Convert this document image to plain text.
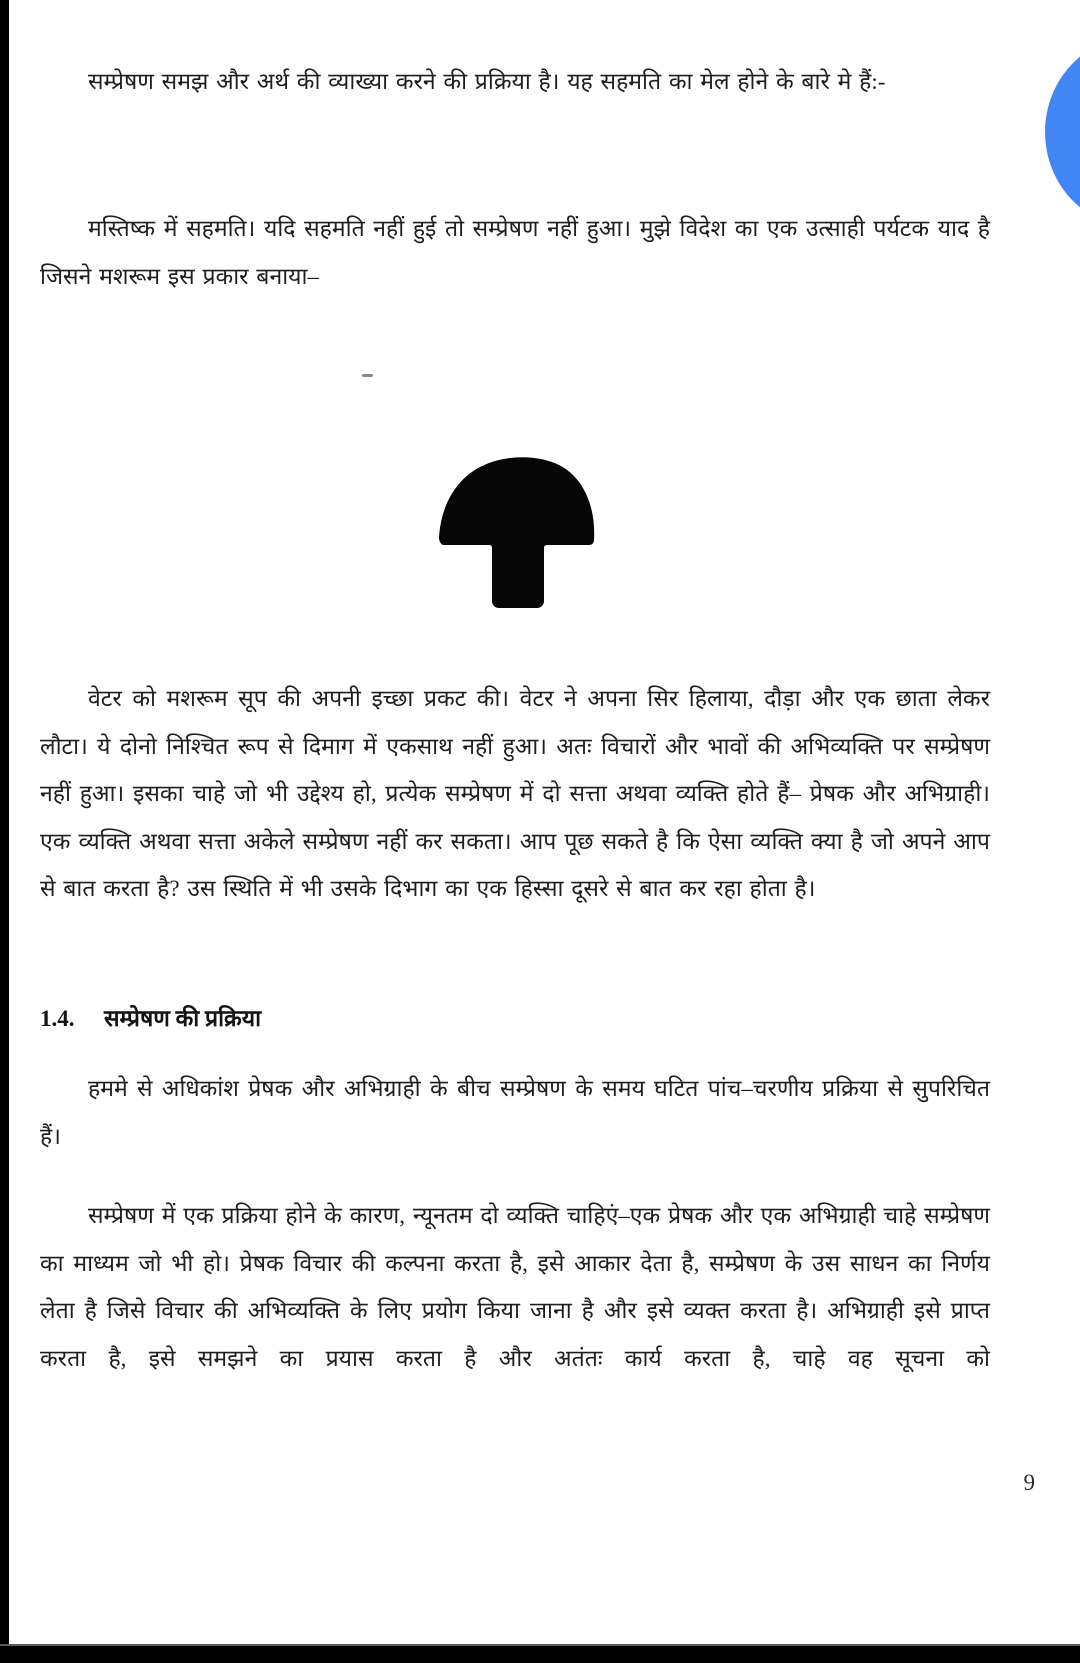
सम्प्रेषण समझ और अर्थ की व्याख्या करने की प्रक्रिया है। यह सहमति का मेल होने के बारे मे हैं:-

मस्तिष्क में सहमति। यदि सहमति नहीं हुई तो सम्प्रेषण नहीं हुआ। मुझे विदेश का एक उत्साही पर्यटक याद है जिसने मशरूम इस प्रकार बनाया–

वेटर को मशरूम सूप की अपनी इच्छा प्रकट की। वेटर ने अपना सिर हिलाया, दौड़ा और एक छाता लेकर लौटा। ये दोनो निश्चित रूप से दिमाग में एकसाथ नहीं हुआ। अतः विचारों और भावों की अभिव्यक्ति पर सम्प्रेषण नहीं हुआ। इसका चाहे जो भी उद्देश्य हो, प्रत्येक सम्प्रेषण में दो सत्ता अथवा व्यक्ति होते हैं– प्रेषक और अभिग्राही। एक व्यक्ति अथवा सत्ता अकेले सम्प्रेषण नहीं कर सकता। आप पूछ सकते है कि ऐसा व्यक्ति क्या है जो अपने आप से बात करता है? उस स्थिति में भी उसके दिभाग का एक हिस्सा दूसरे से बात कर रहा होता है।

1.4. सम्प्रेषण की प्रक्रिया

हममे से अधिकांश प्रेषक और अभिग्राही के बीच सम्प्रेषण के समय घटित पांच–चरणीय प्रक्रिया से सुपरिचित हैं।

सम्प्रेषण में एक प्रक्रिया होने के कारण, न्यूनतम दो व्यक्ति चाहिएं–एक प्रेषक और एक अभिग्राही चाहे सम्प्रेषण का माध्यम जो भी हो। प्रेषक विचार की कल्पना करता है, इसे आकार देता है, सम्प्रेषण के उस साधन का निर्णय लेता है जिसे विचार की अभिव्यक्ति के लिए प्रयोग किया जाना है और इसे व्यक्त करता है। अभिग्राही इसे प्राप्त करता है, इसे समझने का प्रयास करता है और अतंतः कार्य करता है, चाहे वह सूचना को

9
